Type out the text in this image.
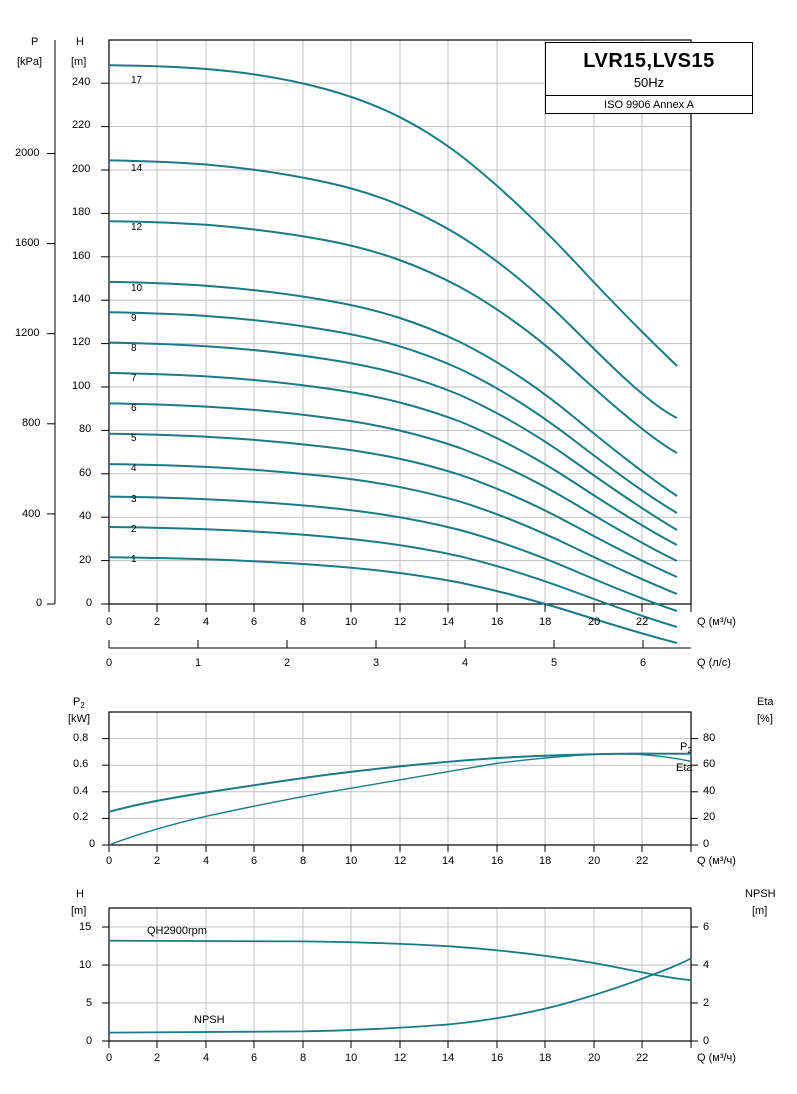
P
[kPa]
H
[m]
240
220
200
180
160
140
120
100
80
60
40
20
0
2000
1600
1200
800
400
0
0	2	4	6	8	10	12	14	16	18	20	22	Q (м³/ч)
0	1	2	3	4	5	6	Q (л/с)
17
14
12
10
9
8
7
6
5
4
3
2
1
LVR15,LVS15
50Hz
ISO 9906 Annex A
$P_2$
[kW]
Eta
[%]
0.8
0.6
0.4
0.2
0
80
60
40
20
0
0	2	4	6	8	10	12	14	16	18	20	22	Q (м³/ч)
$P_2$
Eta
H
[m]
NPSH
[m]
15
10
5
0
6
4
2
0
0	2	4	6	8	10	12	14	16	18	20	22	Q (м³/ч)
QH2900rpm
NPSH
